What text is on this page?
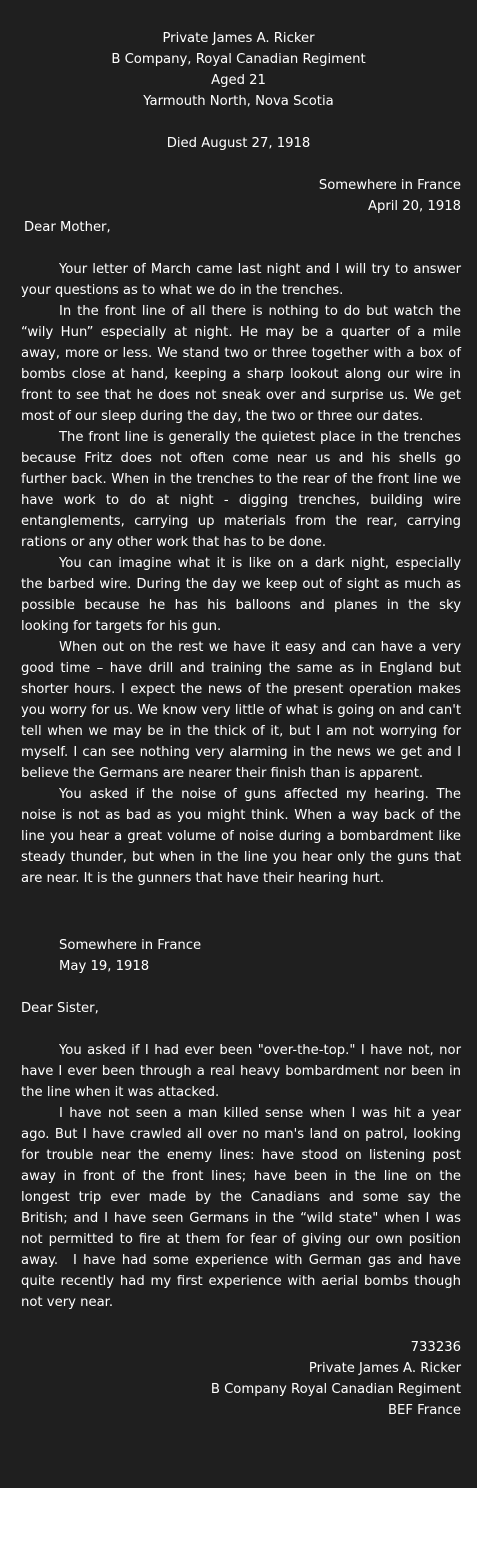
Private James A. Ricker

B Company, Royal Canadian Regiment

Aged 21

Yarmouth North, Nova Scotia

Died August 27, 1918

Somewhere in France

April 20, 1918

Dear Mother,

Your letter of March came last night and I will try to answer your questions as to what we do in the trenches.

In the front line of all there is nothing to do but watch the “wily Hun” especially at night. He may be a quarter of a mile away, more or less. We stand two or three together with a box of bombs close at hand, keeping a sharp lookout along our wire in front to see that he does not sneak over and surprise us. We get most of our sleep during the day, the two or three our dates.

The front line is generally the quietest place in the trenches because Fritz does not often come near us and his shells go further back. When in the trenches to the rear of the front line we have work to do at night - digging trenches, building wire entanglements, carrying up materials from the rear, carrying rations or any other work that has to be done.

You can imagine what it is like on a dark night, especially the barbed wire. During the day we keep out of sight as much as possible because he has his balloons and planes in the sky looking for targets for his gun.

When out on the rest we have it easy and can have a very good time – have drill and training the same as in England but shorter hours. I expect the news of the present operation makes you worry for us. We know very little of what is going on and can't tell when we may be in the thick of it, but I am not worrying for myself. I can see nothing very alarming in the news we get and I believe the Germans are nearer their finish than is apparent.

You asked if the noise of guns affected my hearing. The noise is not as bad as you might think. When a way back of the line you hear a great volume of noise during a bombardment like steady thunder, but when in the line you hear only the guns that are near. It is the gunners that have their hearing hurt.

Somewhere in France

May 19, 1918

Dear Sister,

You asked if I had ever been "over-the-top." I have not, nor have I ever been through a real heavy bombardment nor been in the line when it was attacked.

I have not seen a man killed sense when I was hit a year ago. But I have crawled all over no man's land on patrol, looking for trouble near the enemy lines: have stood on listening post away in front of the front lines; have been in the line on the longest trip ever made by the Canadians and some say the British; and I have seen Germans in the “wild state" when I was not permitted to fire at them for fear of giving our own position away.	I have had some experience with German gas and have quite recently had my first experience with aerial bombs though not very near.

733236

Private James A. Ricker

B Company Royal Canadian Regiment

BEF France
